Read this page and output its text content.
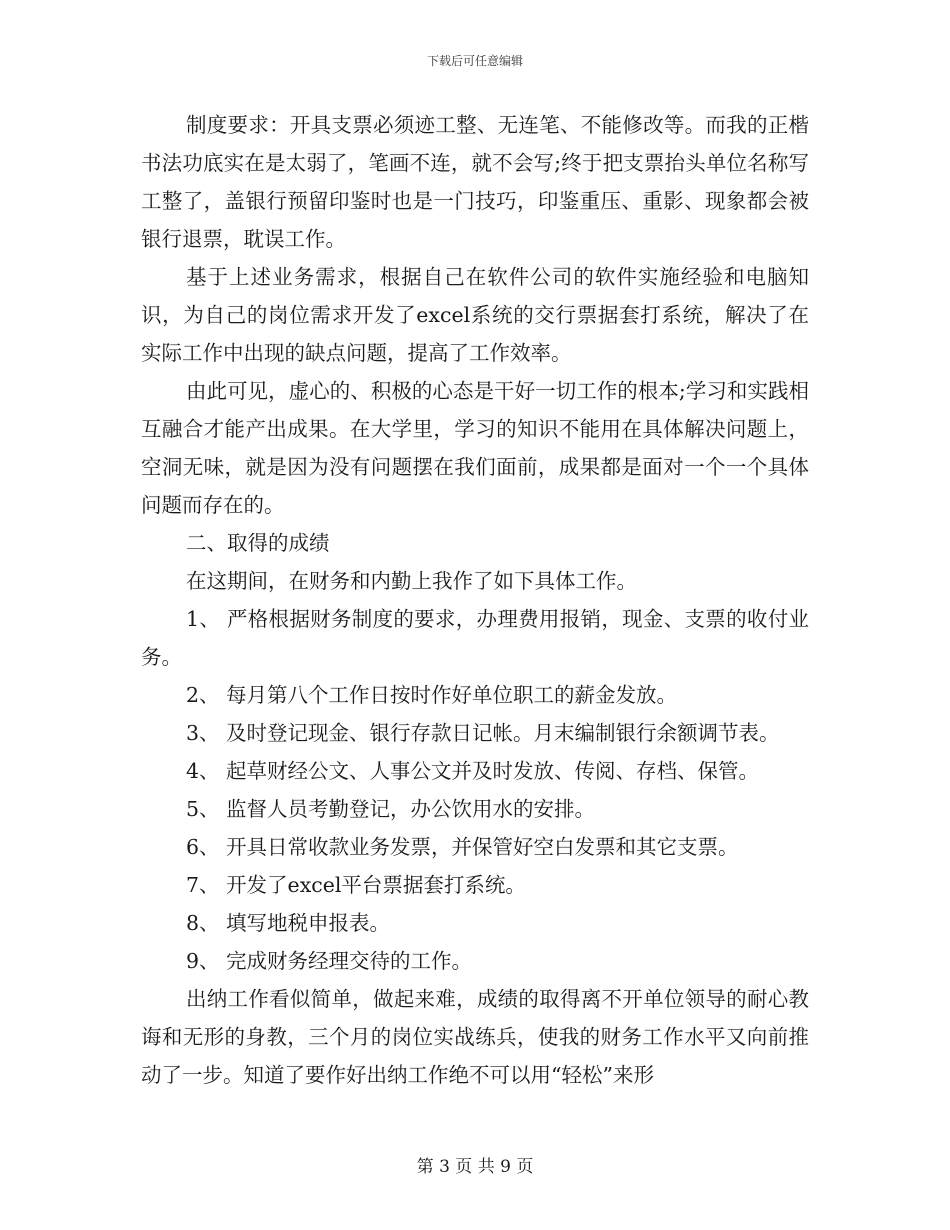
下载后可任意编辑

制度要求：开具支票必须迹工整、无连笔、不能修改等。而我的正楷书法功底实在是太弱了，笔画不连，就不会写;终于把支票抬头单位名称写工整了，盖银行预留印鉴时也是一门技巧，印鉴重压、重影、现象都会被银行退票，耽误工作。

基于上述业务需求，根据自己在软件公司的软件实施经验和电脑知识，为自己的岗位需求开发了excel系统的交行票据套打系统，解决了在实际工作中出现的缺点问题，提高了工作效率。

由此可见，虚心的、积极的心态是干好一切工作的根本;学习和实践相互融合才能产出成果。在大学里，学习的知识不能用在具体解决问题上，空洞无味，就是因为没有问题摆在我们面前，成果都是面对一个一个具体问题而存在的。

二、取得的成绩

在这期间，在财务和内勤上我作了如下具体工作。

1、 严格根据财务制度的要求，办理费用报销，现金、支票的收付业务。

2、 每月第八个工作日按时作好单位职工的薪金发放。

3、 及时登记现金、银行存款日记帐。月末编制银行余额调节表。

4、 起草财经公文、人事公文并及时发放、传阅、存档、保管。

5、 监督人员考勤登记，办公饮用水的安排。

6、 开具日常收款业务发票，并保管好空白发票和其它支票。

7、 开发了excel平台票据套打系统。

8、 填写地税申报表。

9、 完成财务经理交待的工作。

出纳工作看似简单，做起来难，成绩的取得离不开单位领导的耐心教诲和无形的身教，三个月的岗位实战练兵，使我的财务工作水平又向前推动了一步。知道了要作好出纳工作绝不可以用“轻松”来形

第 3 页 共 9 页
